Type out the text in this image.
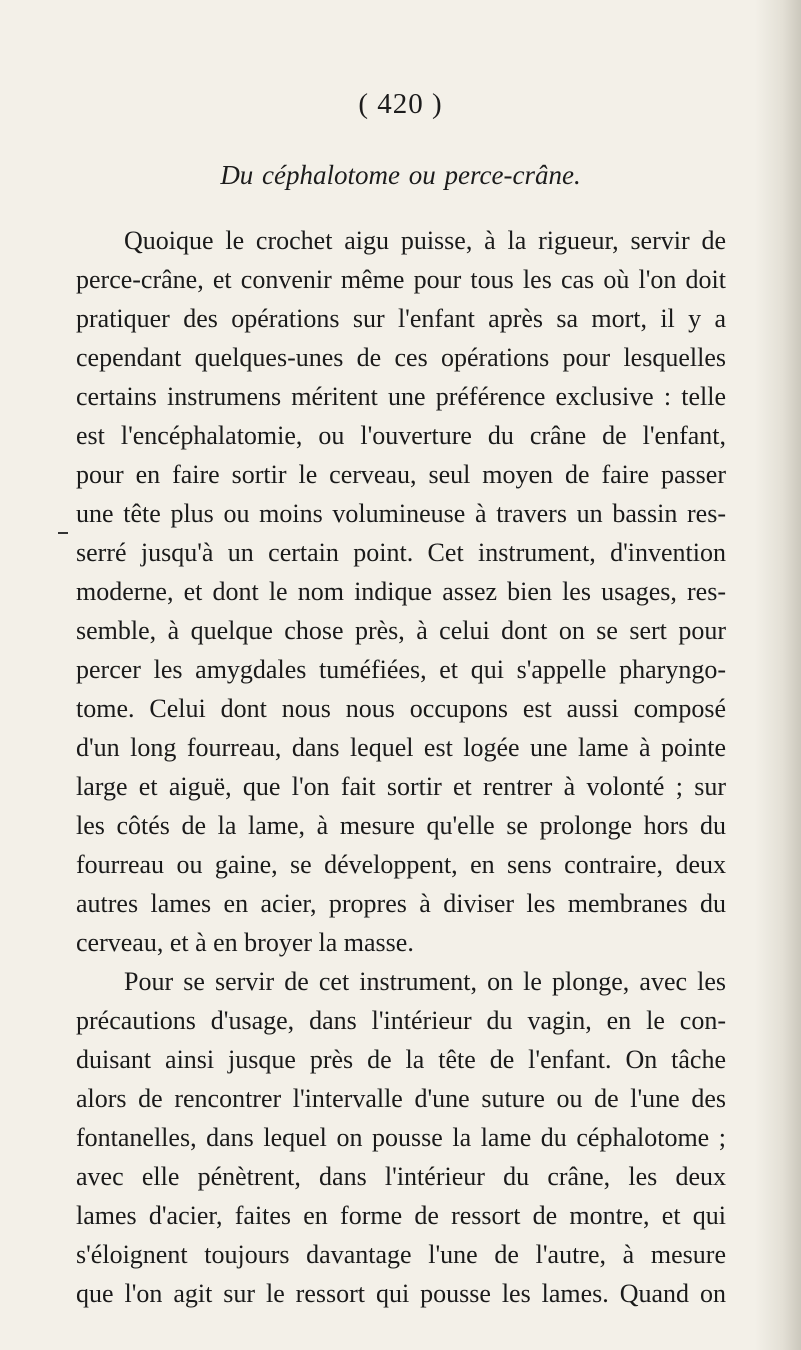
( 420 )
Du céphalotome ou perce-crâne.
Quoique le crochet aigu puisse, à la rigueur, servir de
perce-crâne, et convenir même pour tous les cas où l'on doit
pratiquer des opérations sur l'enfant après sa mort, il y a
cependant quelques-unes de ces opérations pour lesquelles
certains instrumens méritent une préférence exclusive : telle
est l'encéphalatomie, ou l'ouverture du crâne de l'enfant,
pour en faire sortir le cerveau, seul moyen de faire passer
une tête plus ou moins volumineuse à travers un bassin res-
serré jusqu'à un certain point. Cet instrument, d'invention
moderne, et dont le nom indique assez bien les usages, res-
semble, à quelque chose près, à celui dont on se sert pour
percer les amygdales tuméfiées, et qui s'appelle pharyngo-
tome. Celui dont nous nous occupons est aussi composé
d'un long fourreau, dans lequel est logée une lame à pointe
large et aiguë, que l'on fait sortir et rentrer à volonté ; sur
les côtés de la lame, à mesure qu'elle se prolonge hors du
fourreau ou gaine, se développent, en sens contraire, deux
autres lames en acier, propres à diviser les membranes du
cerveau, et à en broyer la masse.
Pour se servir de cet instrument, on le plonge, avec les
précautions d'usage, dans l'intérieur du vagin, en le con-
duisant ainsi jusque près de la tête de l'enfant. On tâche
alors de rencontrer l'intervalle d'une suture ou de l'une des
fontanelles, dans lequel on pousse la lame du céphalotome ;
avec elle pénètrent, dans l'intérieur du crâne, les deux
lames d'acier, faites en forme de ressort de montre, et qui
s'éloignent toujours davantage l'une de l'autre, à mesure
que l'on agit sur le ressort qui pousse les lames. Quand on
